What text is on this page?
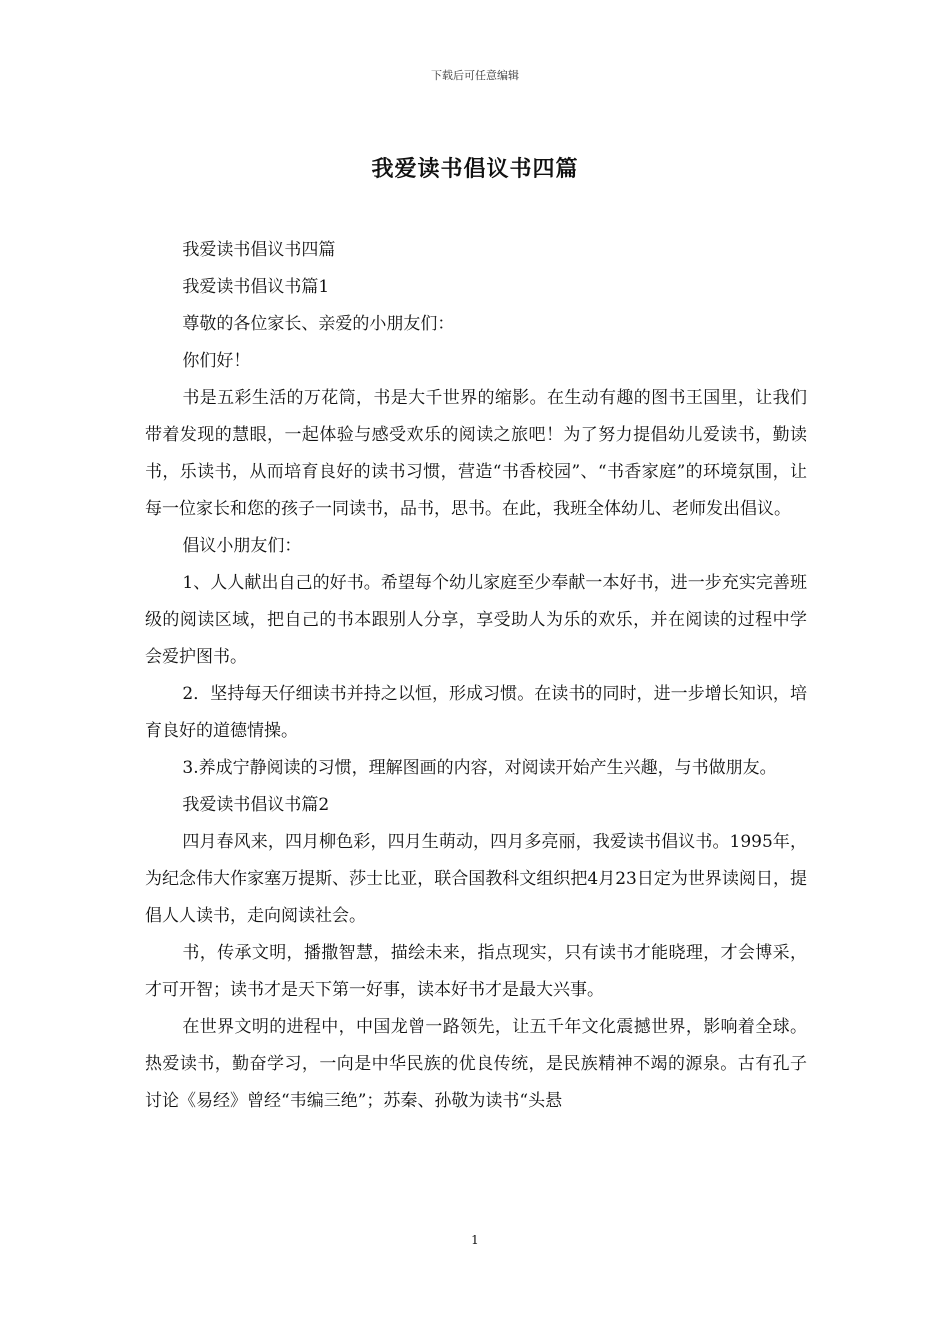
下载后可任意编辑
我爱读书倡议书四篇

我爱读书倡议书四篇

我爱读书倡议书篇1

尊敬的各位家长、亲爱的小朋友们：

你们好！

书是五彩生活的万花筒，书是大千世界的缩影。在生动有趣的图书王国里，让我们带着发现的慧眼，一起体验与感受欢乐的阅读之旅吧！为了努力提倡幼儿爱读书，勤读书，乐读书，从而培育良好的读书习惯，营造“书香校园”、“书香家庭”的环境氛围，让每一位家长和您的孩子一同读书，品书，思书。在此，我班全体幼儿、老师发出倡议。

倡议小朋友们：

1、人人献出自己的好书。希望每个幼儿家庭至少奉献一本好书，进一步充实完善班级的阅读区域，把自己的书本跟别人分享，享受助人为乐的欢乐，并在阅读的过程中学会爱护图书。

2．坚持每天仔细读书并持之以恒，形成习惯。在读书的同时，进一步增长知识，培育良好的道德情操。

3.养成宁静阅读的习惯，理解图画的内容，对阅读开始产生兴趣，与书做朋友。

我爱读书倡议书篇2

四月春风来，四月柳色彩，四月生萌动，四月多亮丽，我爱读书倡议书。1995年，为纪念伟大作家塞万提斯、莎士比亚，联合国教科文组织把4月23日定为世界读阅日，提倡人人读书，走向阅读社会。

书，传承文明，播撒智慧，描绘未来，指点现实，只有读书才能晓理，才会博采，才可开智；读书才是天下第一好事，读本好书才是最大兴事。

在世界文明的进程中，中国龙曾一路领先，让五千年文化震撼世界，影响着全球。热爱读书，勤奋学习，一向是中华民族的优良传统，是民族精神不竭的源泉。古有孔子讨论《易经》曾经“韦编三绝”；苏秦、孙敬为读书“头悬

1
